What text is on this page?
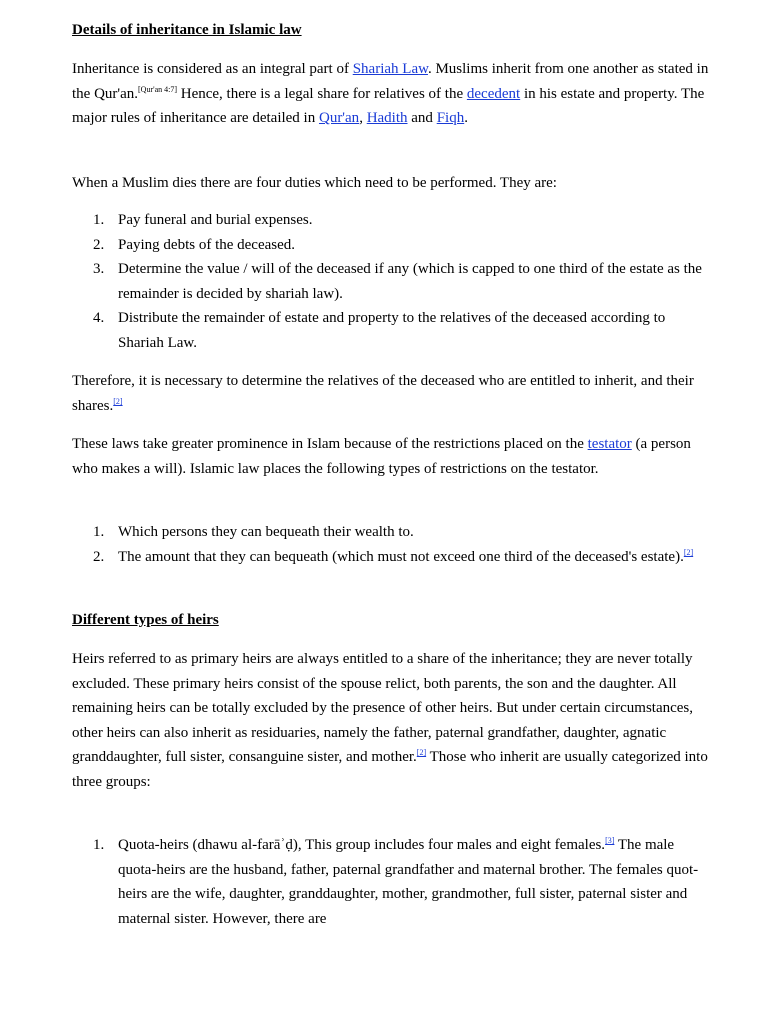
Details of inheritance in Islamic law

Inheritance is considered as an integral part of Shariah Law. Muslims inherit from one another as stated in the Qur'an.[Qur'an 4:7] Hence, there is a legal share for relatives of the decedent in his estate and property. The major rules of inheritance are detailed in Qur'an, Hadith and Fiqh.

When a Muslim dies there are four duties which need to be performed. They are:

1. Pay funeral and burial expenses.
2. Paying debts of the deceased.
3. Determine the value / will of the deceased if any (which is capped to one third of the estate as the remainder is decided by shariah law).
4. Distribute the remainder of estate and property to the relatives of the deceased according to Shariah Law.

Therefore, it is necessary to determine the relatives of the deceased who are entitled to inherit, and their shares.[2]

These laws take greater prominence in Islam because of the restrictions placed on the testator (a person who makes a will). Islamic law places the following types of restrictions on the testator.

1. Which persons they can bequeath their wealth to.
2. The amount that they can bequeath (which must not exceed one third of the deceased's estate).[2]
Different types of heirs

Heirs referred to as primary heirs are always entitled to a share of the inheritance; they are never totally excluded. These primary heirs consist of the spouse relict, both parents, the son and the daughter. All remaining heirs can be totally excluded by the presence of other heirs. But under certain circumstances, other heirs can also inherit as residuaries, namely the father, paternal grandfather, daughter, agnatic granddaughter, full sister, consanguine sister, and mother.[2] Those who inherit are usually categorized into three groups:

1. Quota-heirs (dhawu al-farāʾḍ), This group includes four males and eight females.[3] The male quota-heirs are the husband, father, paternal grandfather and maternal brother. The females quot-heirs are the wife, daughter, granddaughter, mother, grandmother, full sister, paternal sister and maternal sister. However, there are
